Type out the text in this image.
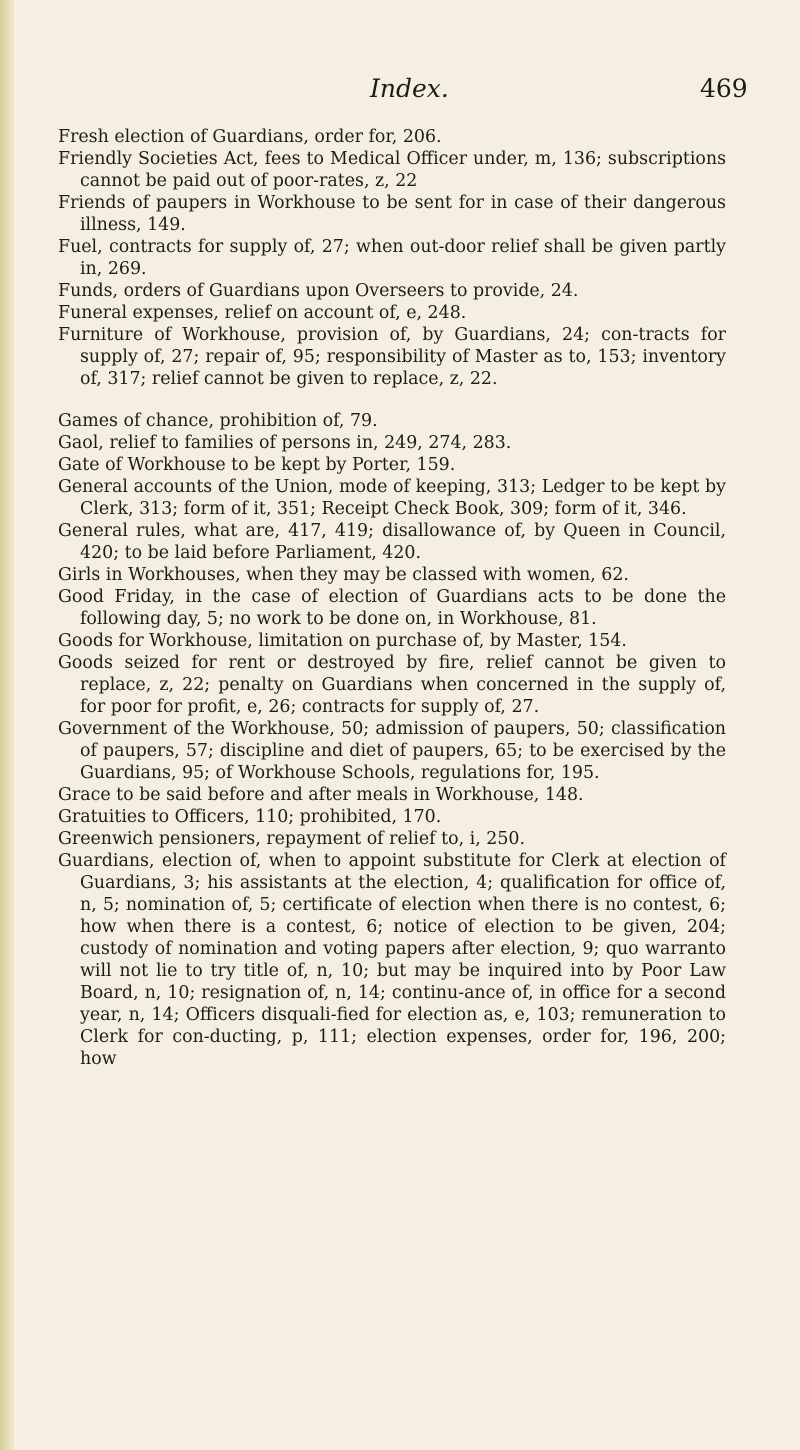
Index.	469

Fresh election of Guardians, order for, 206.

Friendly Societies Act, fees to Medical Officer under, m, 136; subscriptions cannot be paid out of poor-rates, z, 22

Friends of paupers in Workhouse to be sent for in case of their dangerous illness, 149.

Fuel, contracts for supply of, 27; when out-door relief shall be given partly in, 269.

Funds, orders of Guardians upon Overseers to provide, 24.

Funeral expenses, relief on account of, e, 248.

Furniture of Workhouse, provision of, by Guardians, 24; con-tracts for supply of, 27; repair of, 95; responsibility of Master as to, 153; inventory of, 317; relief cannot be given to replace, z, 22.

Games of chance, prohibition of, 79.

Gaol, relief to families of persons in, 249, 274, 283.

Gate of Workhouse to be kept by Porter, 159.

General accounts of the Union, mode of keeping, 313; Ledger to be kept by Clerk, 313; form of it, 351; Receipt Check Book, 309; form of it, 346.

General rules, what are, 417, 419; disallowance of, by Queen in Council, 420; to be laid before Parliament, 420.

Girls in Workhouses, when they may be classed with women, 62.

Good Friday, in the case of election of Guardians acts to be done the following day, 5; no work to be done on, in Workhouse, 81.

Goods for Workhouse, limitation on purchase of, by Master, 154.

Goods seized for rent or destroyed by fire, relief cannot be given to replace, z, 22; penalty on Guardians when concerned in the supply of, for poor for profit, e, 26; contracts for supply of, 27.

Government of the Workhouse, 50; admission of paupers, 50; classification of paupers, 57; discipline and diet of paupers, 65; to be exercised by the Guardians, 95; of Workhouse Schools, regulations for, 195.

Grace to be said before and after meals in Workhouse, 148.

Gratuities to Officers, 110; prohibited, 170.

Greenwich pensioners, repayment of relief to, i, 250.

Guardians, election of, when to appoint substitute for Clerk at election of Guardians, 3; his assistants at the election, 4; qualification for office of, n, 5; nomination of, 5; certificate of election when there is no contest, 6; how when there is a contest, 6; notice of election to be given, 204; custody of nomination and voting papers after election, 9; quo warranto will not lie to try title of, n, 10; but may be inquired into by Poor Law Board, n, 10; resignation of, n, 14; continu-ance of, in office for a second year, n, 14; Officers disquali-fied for election as, e, 103; remuneration to Clerk for con-ducting, p, 111; election expenses, order for, 196, 200; how
